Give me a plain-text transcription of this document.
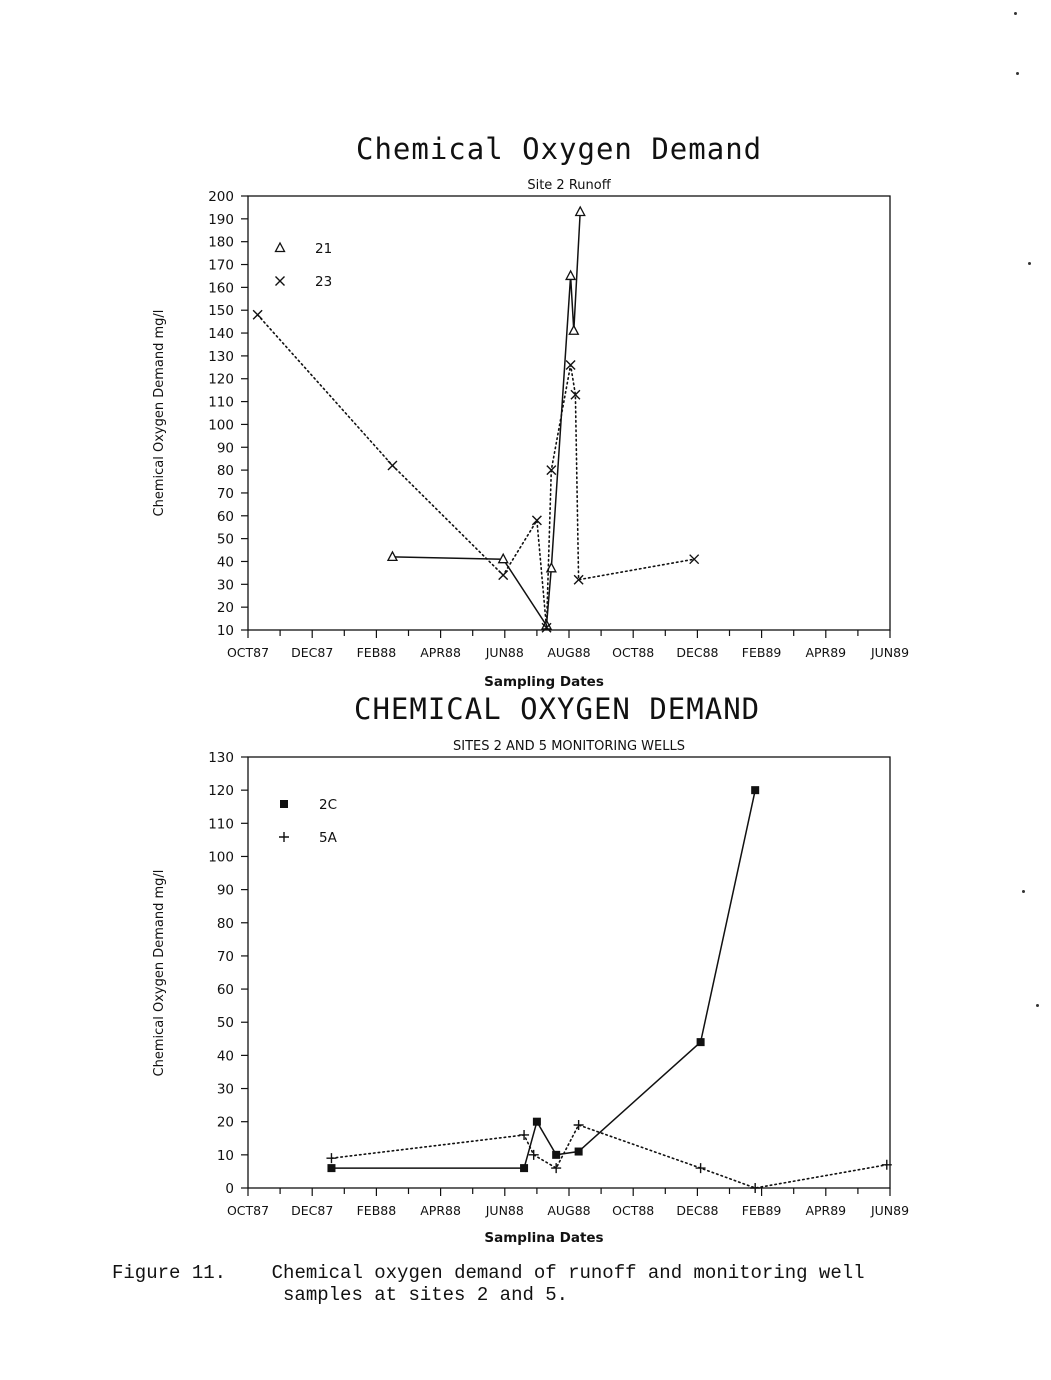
Chemical Oxygen Demand
CHEMICAL OXYGEN DEMAND
Site 2 Runoff
10
20
30
40
50
60
70
80
90
100
110
120
130
140
150
160
170
180
190
200
OCT87 DEC87 FEB88 APR88 JUN88 AUG88 OCT88 DEC88 FEB89 APR89 JUN89
Sampling Dates
Chemical Oxygen Demand mg/l
21
23
SITES 2 AND 5 MONITORING WELLS
0
10
20
30
40
50
60
70
80
90
100
110
120
130
OCT87 DEC87 FEB88 APR88 JUN88 AUG88 OCT88 DEC88 FEB89 APR89 JUN89
Samplina Dates
Chemical Oxygen Demand mg/l
2C
5A
Figure 11. Chemical oxygen demand of runoff and monitoring well
samples at sites 2 and 5.
